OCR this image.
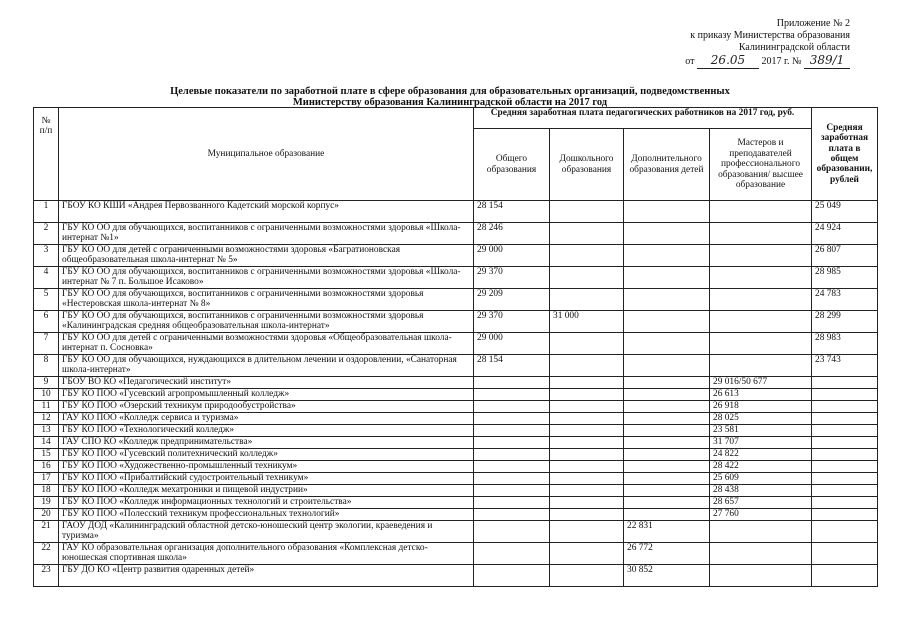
Приложение № 2
к приказу Министерства образования
Калининградской области
от 26.05 2017 г. № 389/1
Целевые показатели по заработной плате в сфере образования для образовательных организаций, подведомственных
Министерству образования Калининградской области на 2017 год
№ п/п	Муниципальное образование	Средняя заработная плата педагогических работников на 2017 год, руб.				Средняя заработная плата в общем образовании, рублей
		Общего образования	Дошкольного образования	Дополнительного образования детей	Мастеров и преподавателей профессионального образования/ высшее образование	
1	ГБОУ КО КШИ «Андрея Первозванного Кадетский морской корпус»	28 154				25 049
2	ГБУ КО ОО для обучающихся, воспитанников с ограниченными возможностями здоровья «Школа-интернат №1»	28 246				24 924
3	ГБУ КО ОО для детей с ограниченными возможностями здоровья «Багратионовская общеобразовательная школа-интернат № 5»	29 000				26 807
4	ГБУ КО ОО для обучающихся, воспитанников с ограниченными возможностями здоровья «Школа-интернат № 7 п. Большое Исаково»	29 370				28 985
5	ГБУ КО ОО для обучающихся, воспитанников с ограниченными возможностями здоровья «Нестеровская школа-интернат № 8»	29 209				24 783
6	ГБУ КО ОО для обучающихся, воспитанников с ограниченными возможностями здоровья «Калининградская средняя общеобразовательная школа-интернат»	29 370	31 000			28 299
7	ГБУ КО ОО для детей с ограниченными возможностями здоровья «Общеобразовательная школа-интернат п. Сосновка»	29 000				28 983
8	ГБУ КО ОО для обучающихся, нуждающихся в длительном лечении и оздоровлении, «Санаторная школа-интернат»	28 154				23 743
9	ГБОУ ВО КО «Педагогический институт»				29 016/50 677	
10	ГБУ КО ПОО «Гусевский агропромышленный колледж»				26 613	
11	ГБУ КО ПОО «Озерский техникум природообустройства»				26 918	
12	ГАУ КО ПОО «Колледж сервиса и туризма»				28 025	
13	ГБУ КО ПОО «Технологический колледж»				23 581	
14	ГАУ СПО КО «Колледж предпринимательства»				31 707	
15	ГБУ КО ПОО «Гусевский политехнический колледж»				24 822	
16	ГБУ КО ПОО «Художественно-промышленный техникум»				28 422	
17	ГБУ КО ПОО «Прибалтийский судостроительный техникум»				25 609	
18	ГБУ КО ПОО «Колледж мехатроники и пищевой индустрии»				28 438	
19	ГБУ КО ПОО «Колледж информационных технологий и строительства»				28 657	
20	ГБУ КО ПОО «Полесский техникум профессиональных технологий»				27 760	
21	ГАОУ ДОД «Калининградский областной детско-юношеский центр экологии, краеведения и туризма»			22 831		
22	ГАУ КО образовательная организация дополнительного образования «Комплексная детско-юношеская спортивная школа»			26 772		
23	ГБУ ДО КО «Центр развития одаренных детей»			30 852		
